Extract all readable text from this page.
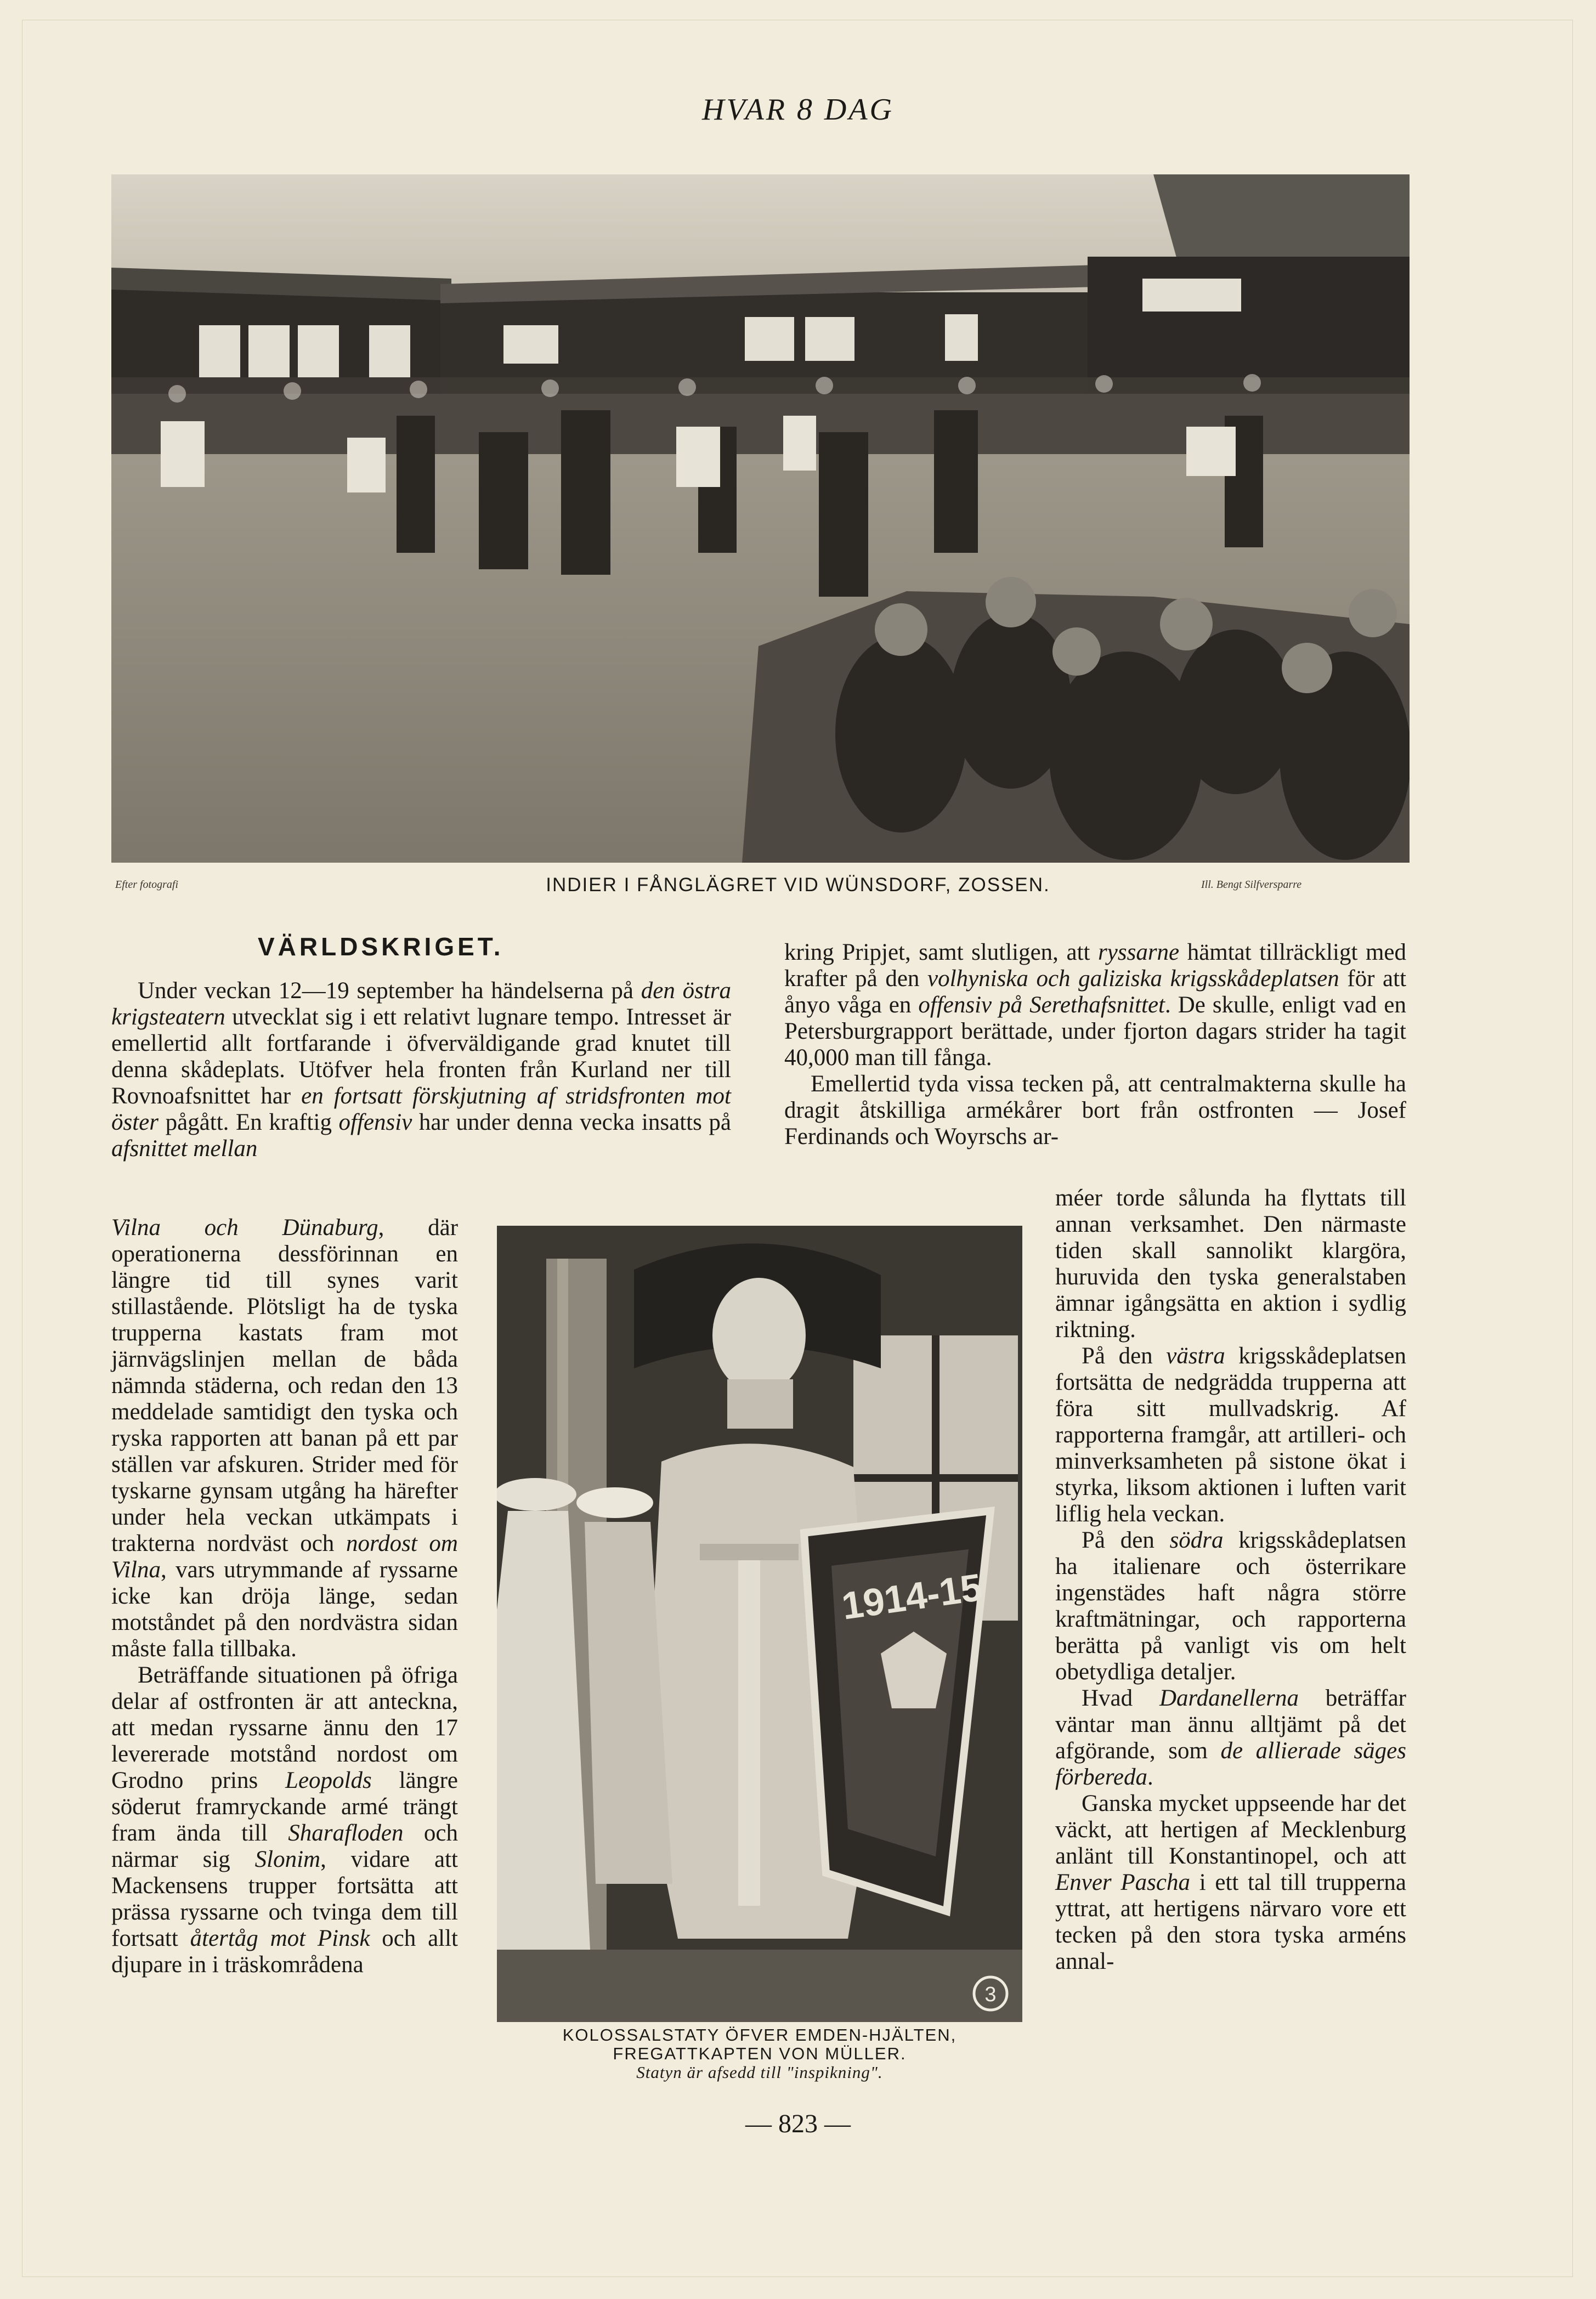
HVAR 8 DAG
Efter fotografi	Ill. Bengt Silfversparre
INDIER I FÅNGLÄGRET VID WÜNSDORF, ZOSSEN.
VÄRLDSKRIGET.

Under veckan 12—19 september ha händelserna på den östra krigsteatern utvecklat sig i ett relativt lugnare tempo. Intresset är emellertid allt fortfarande i öfverväldigande grad knutet till denna skådeplats. Utöfver hela fronten från Kurland ner till Rovnoafsnittet har en fortsatt förskjutning af stridsfronten mot öster pågått. En kraftig offensiv har under denna vecka insatts på afsnittet mellan

Vilna och Dünaburg, där operationerna dessförinnan en längre tid till synes varit stillastående. Plötsligt ha de tyska trupperna kastats fram mot järnvägslinjen mellan de båda nämnda städerna, och redan den 13 meddelade samtidigt den tyska och ryska rapporten att banan på ett par ställen var afskuren. Strider med för tyskarne gynsam utgång ha härefter under hela veckan utkämpats i trakterna nordväst och nordost om Vilna, vars utrymmande af ryssarne icke kan dröja länge, sedan motståndet på den nordvästra sidan måste falla tillbaka.

Beträffande situationen på öfriga delar af ostfronten är att anteckna, att medan ryssarne ännu den 17 levererade motstånd nordost om Grodno prins Leopolds längre söderut framryckande armé trängt fram ända till Sharafloden och närmar sig Slonim, vidare att Mackensens trupper fortsätta att prässa ryssarne och tvinga dem till fortsatt återtåg mot Pinsk och allt djupare in i träskområdena

kring Pripjet, samt slutligen, att ryssarne hämtat tillräckligt med krafter på den volhyniska och galiziska krigsskådeplatsen för att ånyo våga en offensiv på Serethafsnittet. De skulle, enligt vad en Petersburgrapport berättade, under fjorton dagars strider ha tagit 40,000 man till fånga.

Emellertid tyda vissa tecken på, att centralmakterna skulle ha dragit åtskilliga armékårer bort från ostfronten — Josef Ferdinands och Woyrschs ar-

méer torde sålunda ha flyttats till annan verksamhet. Den närmaste tiden skall sannolikt klargöra, huruvida den tyska generalstaben ämnar igångsätta en aktion i sydlig riktning.

På den västra krigsskådeplatsen fortsätta de nedgrädda trupperna att föra sitt mullvadskrig. Af rapporterna framgår, att artilleri- och minverksamheten på sistone ökat i styrka, liksom aktionen i luften varit liflig hela veckan.

På den södra krigsskådeplatsen ha italienare och österrikare ingenstädes haft några större kraftmätningar, och rapporterna berätta på vanligt vis om helt obetydliga detaljer.

Hvad Dardanellerna beträffar väntar man ännu alltjämt på det afgörande, som de allierade säges förbereda.

Ganska mycket uppseende har det väckt, att hertigen af Mecklenburg anlänt till Konstantinopel, och att Enver Pascha i ett tal till trupperna yttrat, att hertigens närvaro vore ett tecken på den stora tyska arméns annal-

1914-15
3
KOLOSSALSTATY ÖFVER EMDEN-HJÄLTEN,
FREGATTKAPTEN VON MÜLLER.
Statyn är afsedd till "inspikning".
— 823 —
